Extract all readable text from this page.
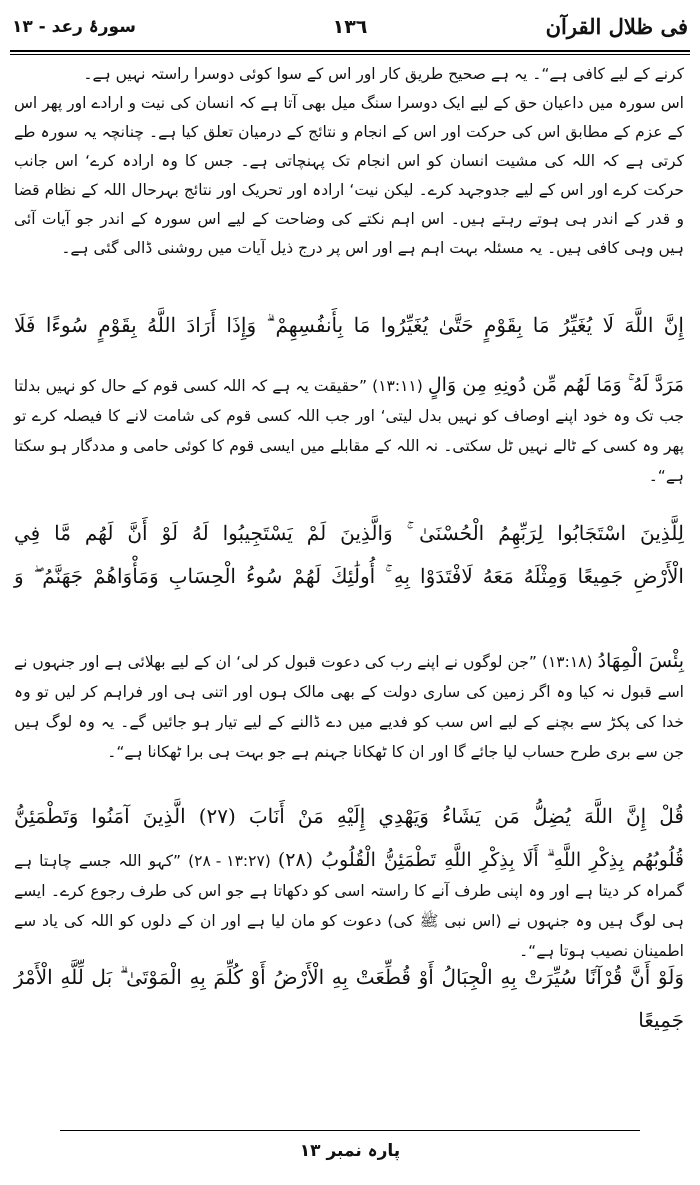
فی ظلال القرآن
١٣٦
سورۂ رعد - ١٣

کرنے کے لیے کافی ہے“۔ یہ ہے صحیح طریق کار اور اس کے سوا کوئی دوسرا راستہ نہیں ہے۔

اس سورہ میں داعیان حق کے لیے ایک دوسرا سنگ میل بھی آتا ہے کہ انسان کی نیت و ارادے اور پھر اس کے عزم کے مطابق اس کی حرکت اور اس کے انجام و نتائج کے درمیان تعلق کیا ہے۔ چنانچہ یہ سورہ طے کرتی ہے کہ اللہ کی مشیت انسان کو اس انجام تک پہنچاتی ہے۔ جس کا وہ ارادہ کرے‘ اس جانب حرکت کرے اور اس کے لیے جدوجہد کرے۔ لیکن نیت‘ ارادہ اور تحریک اور نتائج بہرحال اللہ کے نظام قضا و قدر کے اندر ہی ہوتے رہتے ہیں۔ اس اہم نکتے کی وضاحت کے لیے اس سورہ کے اندر جو آیات آئی ہیں وہی کافی ہیں۔ یہ مسئلہ بہت اہم ہے اور اس پر درج ذیل آیات میں روشنی ڈالی گئی ہے۔

إِنَّ اللَّهَ لَا يُغَيِّرُ مَا بِقَوْمٍ حَتَّىٰ يُغَيِّرُوا مَا بِأَنفُسِهِمْ ۗ وَإِذَا أَرَادَ اللَّهُ بِقَوْمٍ سُوءًا فَلَا

مَرَدَّ لَهُ ۚ وَمَا لَهُم مِّن دُونِهِ مِن وَالٍ (١٣:١١) ”حقیقت یہ ہے کہ اللہ کسی قوم کے حال کو نہیں بدلتا جب تک وہ خود اپنے اوصاف کو نہیں بدل لیتی‘ اور جب اللہ کسی قوم کی شامت لانے کا فیصلہ کرے تو پھر وہ کسی کے ٹالے نہیں ٹل سکتی۔ نہ اللہ کے مقابلے میں ایسی قوم کا کوئی حامی و مددگار ہو سکتا ہے“۔

لِلَّذِينَ اسْتَجَابُوا لِرَبِّهِمُ الْحُسْنَىٰ ۚ وَالَّذِينَ لَمْ يَسْتَجِيبُوا لَهُ لَوْ أَنَّ لَهُم مَّا فِي
الْأَرْضِ جَمِيعًا وَمِثْلَهُ مَعَهُ لَافْتَدَوْا بِهِ ۚ أُولَٰئِكَ لَهُمْ سُوءُ الْحِسَابِ وَمَأْوَاهُمْ جَهَنَّمُ ۖ وَ

بِئْسَ الْمِهَادُ (١٣:١٨) ”جن لوگوں نے اپنے رب کی دعوت قبول کر لی‘ ان کے لیے بھلائی ہے اور جنہوں نے اسے قبول نہ کیا وہ اگر زمین کی ساری دولت کے بھی مالک ہوں اور اتنی ہی اور فراہم کر لیں تو وہ خدا کی پکڑ سے بچنے کے لیے اس سب کو فدیے میں دے ڈالنے کے لیے تیار ہو جائیں گے۔ یہ وہ لوگ ہیں جن سے بری طرح حساب لیا جائے گا اور ان کا ٹھکانا جہنم ہے جو بہت ہی برا ٹھکانا ہے“۔

قُلْ إِنَّ اللَّهَ يُضِلُّ مَن يَشَاءُ وَيَهْدِي إِلَيْهِ مَنْ أَنَابَ (٢٧) الَّذِينَ آمَنُوا وَتَطْمَئِنُّ

قُلُوبُهُم بِذِكْرِ اللَّهِ ۗ أَلَا بِذِكْرِ اللَّهِ تَطْمَئِنُّ الْقُلُوبُ (٢٨) (١٣:٢٧ - ٢٨) ”کہو اللہ جسے چاہتا ہے گمراہ کر دیتا ہے اور وہ اپنی طرف آنے کا راستہ اسی کو دکھاتا ہے جو اس کی طرف رجوع کرے۔ ایسے ہی لوگ ہیں وہ جنہوں نے (اس نبی ﷺ کی) دعوت کو مان لیا ہے اور ان کے دلوں کو اللہ کی یاد سے اطمینان نصیب ہوتا ہے“۔

وَلَوْ أَنَّ قُرْآنًا سُيِّرَتْ بِهِ الْجِبَالُ أَوْ قُطِّعَتْ بِهِ الْأَرْضُ أَوْ كُلِّمَ بِهِ الْمَوْتَىٰ ۗ بَل لِّلَّهِ الْأَمْرُ جَمِيعًا

پارہ نمبر ١٣
